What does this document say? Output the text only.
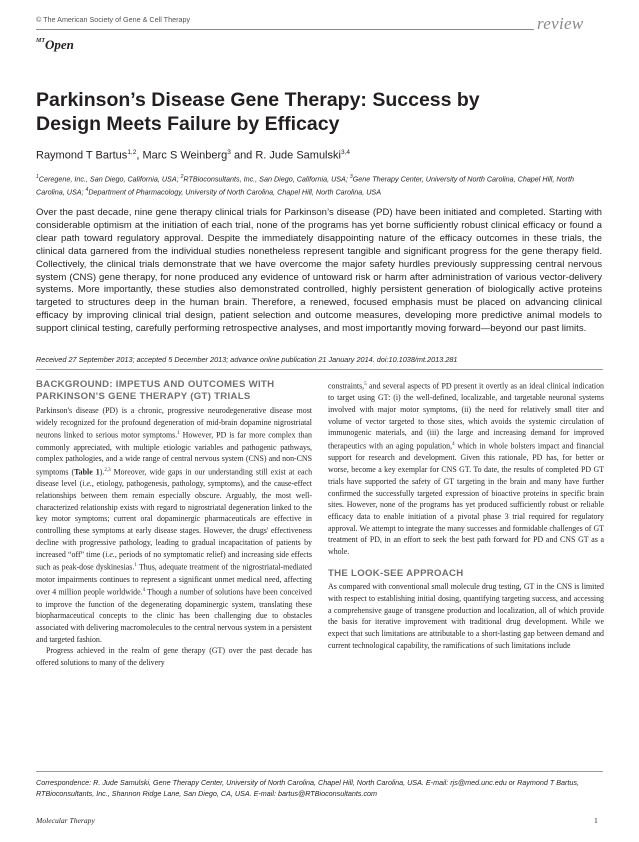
© The American Society of Gene & Cell Therapy	review
$^{MT}$Open
Parkinson’s Disease Gene Therapy: Success by
Design Meets Failure by Efficacy
Raymond T Bartus$^{1,2}$, Marc S Weinberg$^3$ and R. Jude Samulski$^{3,4}$
$^1$Ceregene, Inc., San Diego, California, USA; $^2$RTBioconsultants, Inc., San Diego, California, USA; $^3$Gene Therapy Center, University of North Carolina, Chapel Hill, North Carolina, USA; $^4$Department of Pharmacology, University of North Carolina, Chapel Hill, North Carolina, USA
Over the past decade, nine gene therapy clinical trials for Parkinson’s disease (PD) have been initiated and completed. Starting with considerable optimism at the initiation of each trial, none of the programs has yet borne sufficiently robust clinical efficacy or found a clear path toward regulatory approval. Despite the immediately disappointing nature of the efficacy outcomes in these trials, the clinical data garnered from the individual studies nonetheless represent tangible and significant progress for the gene therapy field. Collectively, the clinical trials demonstrate that we have overcome the major safety hurdles previously suppressing central nervous system (CNS) gene therapy, for none produced any evidence of untoward risk or harm after administration of various vector-delivery systems. More importantly, these studies also demonstrated controlled, highly persistent generation of biologically active proteins targeted to structures deep in the human brain. Therefore, a renewed, focused emphasis must be placed on advancing clinical efficacy by improving clinical trial design, patient selection and outcome measures, developing more predictive animal models to support clinical testing, carefully performing retrospective analyses, and most importantly moving forward—beyond our past limits.
Received 27 September 2013; accepted 5 December 2013; advance online publication 21 January 2014. doi:10.1038/mt.2013.281
BACKGROUND: IMPETUS AND OUTCOMES WITH
PARKINSON’S GENE THERAPY (GT) TRIALS

Parkinson's disease (PD) is a chronic, progressive neurodegenerative disease most widely recognized for the profound degeneration of mid-brain dopamine nigrostriatal neurons linked to serious motor symptoms.$^1$ However, PD is far more complex than commonly appreciated, with multiple etiologic variables and pathogenic pathways, complex pathologies, and a wide range of central nervous system (CNS) and non-CNS symptoms (Table 1).$^{2,3}$ Moreover, wide gaps in our understanding still exist at each disease level (i.e., etiology, pathogenesis, pathology, symptoms), and the cause-effect relationships between them remain especially obscure. Arguably, the most well-characterized relationship exists with regard to nigrostriatal degeneration linked to the key motor symptoms; current oral dopaminergic pharmaceuticals are effective in controlling these symptoms at early disease stages. However, the drugs' effectiveness decline with progressive pathology, leading to gradual incapacitation of patients by increased “off” time (i.e., periods of no symptomatic relief) and increasing side effects such as peak-dose dyskinesias.$^1$ Thus, adequate treatment of the nigrostriatal-mediated motor impairments continues to represent a significant unmet medical need, affecting over 4 million people worldwide.$^4$ Though a number of solutions have been conceived to improve the function of the degenerating dopaminergic system, translating these biopharmaceutical concepts to the clinic has been challenging due to obstacles associated with delivering macromolecules to the central nervous system in a persistent and targeted fashion.

Progress achieved in the realm of gene therapy (GT) over the past decade has offered solutions to many of the delivery

constraints,$^5$ and several aspects of PD present it overtly as an ideal clinical indication to target using GT: (i) the well-defined, localizable, and targetable neuronal systems involved with major motor symptoms, (ii) the need for relatively small titer and volume of vector targeted to those sites, which avoids the systemic circulation of immunogenic materials, and (iii) the large and increasing demand for improved therapeutics with an aging population,$^4$ which in whole bolsters impact and financial support for research and development. Given this rationale, PD has, for better or worse, become a key exemplar for CNS GT. To date, the results of completed PD GT trials have supported the safety of GT targeting in the brain and many have further confirmed the successfully targeted expression of bioactive proteins in specific brain sites. However, none of the programs has yet produced sufficiently robust or reliable efficacy data to enable initiation of a pivotal phase 3 trial required for regulatory approval. We attempt to integrate the many successes and formidable challenges of GT treatment of PD, in an effort to seek the best path forward for PD and CNS GT as a whole.

THE LOOK-SEE APPROACH

As compared with conventional small molecule drug testing, GT in the CNS is limited with respect to establishing initial dosing, quantifying targeting success, and accessing a comprehensive gauge of transgene production and localization, all of which provide the basis for iterative improvement with traditional drug development. While we expect that such limitations are attributable to a short-lasting gap between demand and current technological capability, the ramifications of such limitations include

Correspondence: R. Jude Samulski, Gene Therapy Center, University of North Carolina, Chapel Hill, North Carolina, USA. E-mail: rjs@med.unc.edu or Raymond T Bartus, RTBioconsultants, Inc., Shannon Ridge Lane, San Diego, CA, USA. E-mail: bartus@RTBioconsultants.com
Molecular Therapy	1
